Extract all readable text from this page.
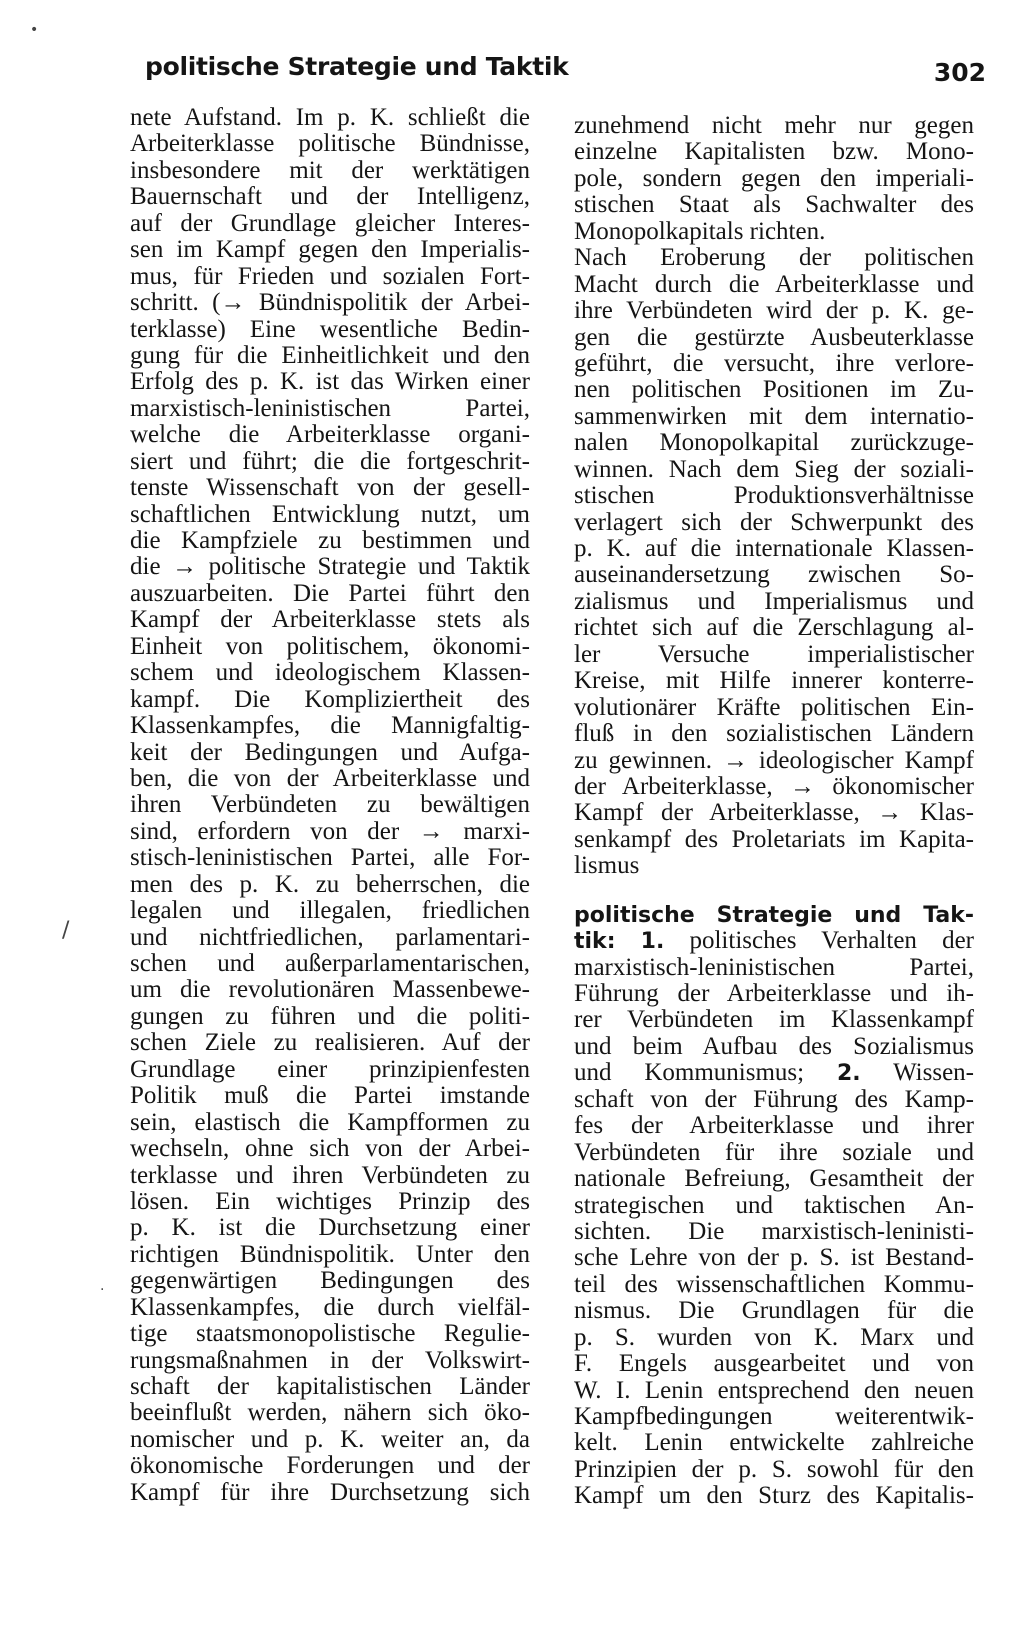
•
/
·
politische Strategie und Taktik	302
nete Aufstand. Im p. K. schließt die
Arbeiterklasse politische Bündnisse,
insbesondere mit der werktätigen
Bauernschaft und der Intelligenz,
auf der Grundlage gleicher Interes-
sen im Kampf gegen den Imperialis-
mus, für Frieden und sozialen Fort-
schritt. (→ Bündnispolitik der Arbei-
terklasse) Eine wesentliche Bedin-
gung für die Einheitlichkeit und den
Erfolg des p. K. ist das Wirken einer
marxistisch-leninistischen Partei,
welche die Arbeiterklasse organi-
siert und führt; die die fortgeschrit-
tenste Wissenschaft von der gesell-
schaftlichen Entwicklung nutzt, um
die Kampfziele zu bestimmen und
die → politische Strategie und Taktik
auszuarbeiten. Die Partei führt den
Kampf der Arbeiterklasse stets als
Einheit von politischem, ökonomi-
schem und ideologischem Klassen-
kampf. Die Kompliziertheit des
Klassenkampfes, die Mannigfaltig-
keit der Bedingungen und Aufga-
ben, die von der Arbeiterklasse und
ihren Verbündeten zu bewältigen
sind, erfordern von der → marxi-
stisch-leninistischen Partei, alle For-
men des p. K. zu beherrschen, die
legalen und illegalen, friedlichen
und nichtfriedlichen, parlamentari-
schen und außerparlamentarischen,
um die revolutionären Massenbewe-
gungen zu führen und die politi-
schen Ziele zu realisieren. Auf der
Grundlage einer prinzipienfesten
Politik muß die Partei imstande
sein, elastisch die Kampfformen zu
wechseln, ohne sich von der Arbei-
terklasse und ihren Verbündeten zu
lösen. Ein wichtiges Prinzip des
p. K. ist die Durchsetzung einer
richtigen Bündnispolitik. Unter den
gegenwärtigen Bedingungen des
Klassenkampfes, die durch vielfäl-
tige staatsmonopolistische Regulie-
rungsmaßnahmen in der Volkswirt-
schaft der kapitalistischen Länder
beeinflußt werden, nähern sich öko-
nomischer und p. K. weiter an, da
ökonomische Forderungen und der
Kampf für ihre Durchsetzung sich
zunehmend nicht mehr nur gegen
einzelne Kapitalisten bzw. Mono-
pole, sondern gegen den imperiali-
stischen Staat als Sachwalter des
Monopolkapitals richten.
Nach Eroberung der politischen
Macht durch die Arbeiterklasse und
ihre Verbündeten wird der p. K. ge-
gen die gestürzte Ausbeuterklasse
geführt, die versucht, ihre verlore-
nen politischen Positionen im Zu-
sammenwirken mit dem internatio-
nalen Monopolkapital zurückzuge-
winnen. Nach dem Sieg der soziali-
stischen Produktionsverhältnisse
verlagert sich der Schwerpunkt des
p. K. auf die internationale Klassen-
auseinandersetzung zwischen So-
zialismus und Imperialismus und
richtet sich auf die Zerschlagung al-
ler Versuche imperialistischer
Kreise, mit Hilfe innerer konterre-
volutionärer Kräfte politischen Ein-
fluß in den sozialistischen Ländern
zu gewinnen. → ideologischer Kampf
der Arbeiterklasse, → ökonomischer
Kampf der Arbeiterklasse, → Klas-
senkampf des Proletariats im Kapita-
lismus
politische Strategie und Tak-
tik: 1. politisches Verhalten der
marxistisch-leninistischen Partei,
Führung der Arbeiterklasse und ih-
rer Verbündeten im Klassenkampf
und beim Aufbau des Sozialismus
und Kommunismus; 2. Wissen-
schaft von der Führung des Kamp-
fes der Arbeiterklasse und ihrer
Verbündeten für ihre soziale und
nationale Befreiung, Gesamtheit der
strategischen und taktischen An-
sichten. Die marxistisch-leninisti-
sche Lehre von der p. S. ist Bestand-
teil des wissenschaftlichen Kommu-
nismus. Die Grundlagen für die
p. S. wurden von K. Marx und
F. Engels ausgearbeitet und von
W. I. Lenin entsprechend den neuen
Kampfbedingungen weiterentwik-
kelt. Lenin entwickelte zahlreiche
Prinzipien der p. S. sowohl für den
Kampf um den Sturz des Kapitalis-
